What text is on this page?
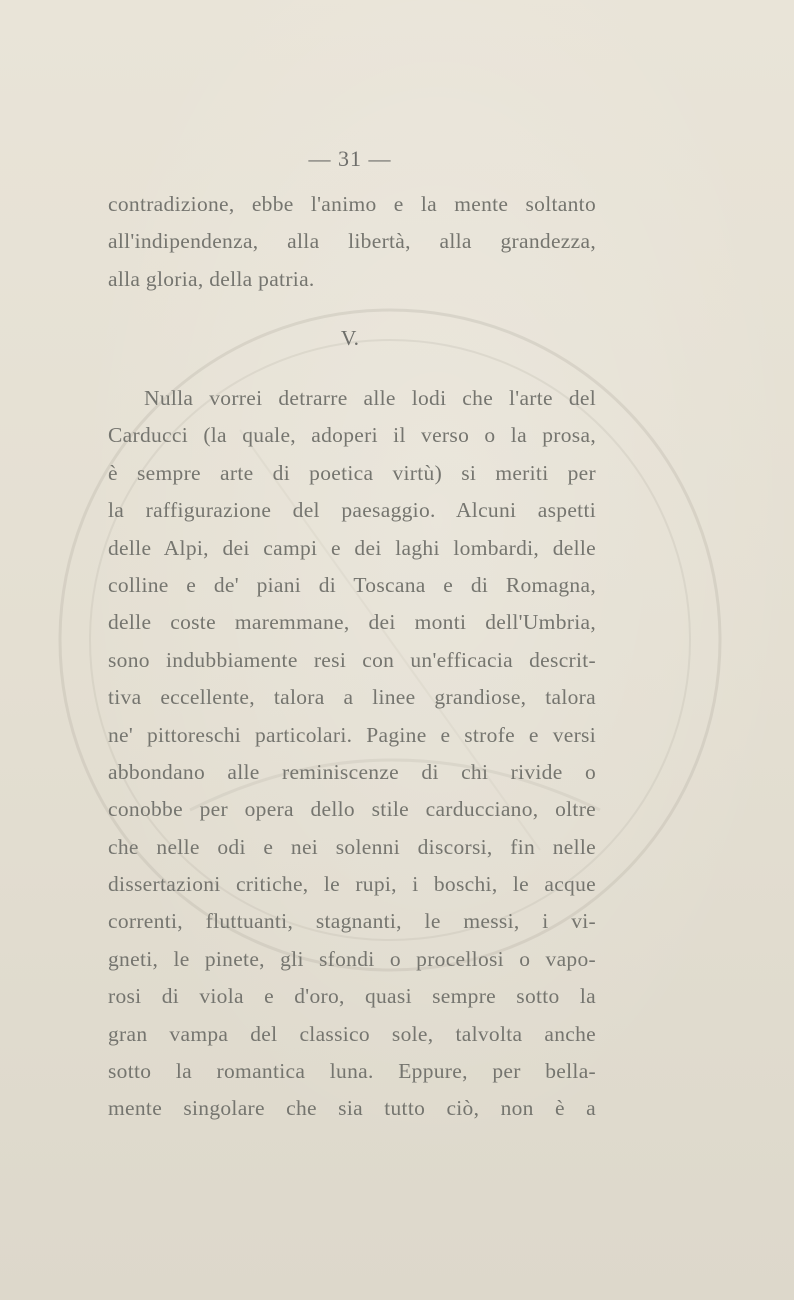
— 31 —
contradizione, ebbe l'animo e la mente soltanto
all'indipendenza, alla libertà, alla grandezza,
alla gloria, della patria.
V.
Nulla vorrei detrarre alle lodi che l'arte del
Carducci (la quale, adoperi il verso o la prosa,
è sempre arte di poetica virtù) si meriti per
la raffigurazione del paesaggio. Alcuni aspetti
delle Alpi, dei campi e dei laghi lombardi, delle
colline e de' piani di Toscana e di Romagna,
delle coste maremmane, dei monti dell'Umbria,
sono indubbiamente resi con un'efficacia descrit-
tiva eccellente, talora a linee grandiose, talora
ne' pittoreschi particolari. Pagine e strofe e versi
abbondano alle reminiscenze di chi rivide o
conobbe per opera dello stile carducciano, oltre
che nelle odi e nei solenni discorsi, fin nelle
dissertazioni critiche, le rupi, i boschi, le acque
correnti, fluttuanti, stagnanti, le messi, i vi-
gneti, le pinete, gli sfondi o procellosi o vapo-
rosi di viola e d'oro, quasi sempre sotto la
gran vampa del classico sole, talvolta anche
sotto la romantica luna. Eppure, per bella-
mente singolare che sia tutto ciò, non è a
